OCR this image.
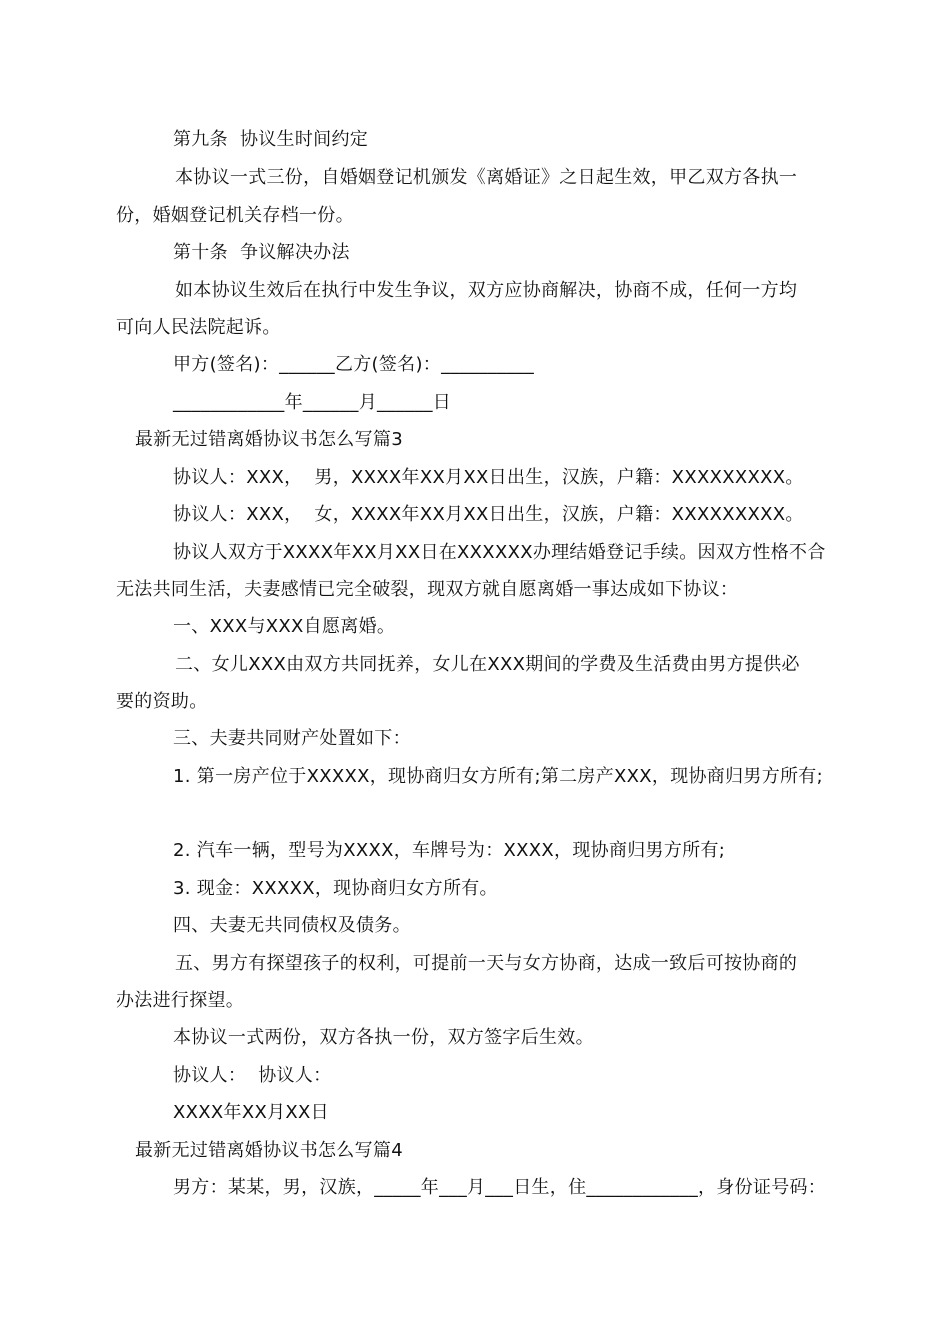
第九条  协议生时间约定
本协议一式三份，自婚姻登记机颁发《离婚证》之日起生效，甲乙双方各执一
份，婚姻登记机关存档一份。
第十条  争议解决办法
如本协议生效后在执行中发生争议，双方应协商解决，协商不成，任何一方均
可向人民法院起诉。
甲方(签名)：______乙方(签名)：__________
____________年______月______日
最新无过错离婚协议书怎么写篇3
协议人：XXX，  男，XXXX年XX月XX日出生，汉族，户籍：XXXXXXXXX。
协议人：XXX，  女，XXXX年XX月XX日出生，汉族，户籍：XXXXXXXXX。
协议人双方于XXXX年XX月XX日在XXXXXX办理结婚登记手续。因双方性格不合
无法共同生活，夫妻感情已完全破裂，现双方就自愿离婚一事达成如下协议：
一、XXX与XXX自愿离婚。
二、女儿XXX由双方共同抚养，女儿在XXX期间的学费及生活费由男方提供必
要的资助。
三、夫妻共同财产处置如下：
1. 第一房产位于XXXXX，现协商归女方所有;第二房产XXX，现协商归男方所有;
2. 汽车一辆，型号为XXXX，车牌号为：XXXX，现协商归男方所有;
3. 现金：XXXXX，现协商归女方所有。
四、夫妻无共同债权及债务。
五、男方有探望孩子的权利，可提前一天与女方协商，达成一致后可按协商的
办法进行探望。
本协议一式两份，双方各执一份，双方签字后生效。
协议人：  协议人：
XXXX年XX月XX日
最新无过错离婚协议书怎么写篇4
男方：某某，男，汉族，_____年___月___日生，住____________，身份证号码：
